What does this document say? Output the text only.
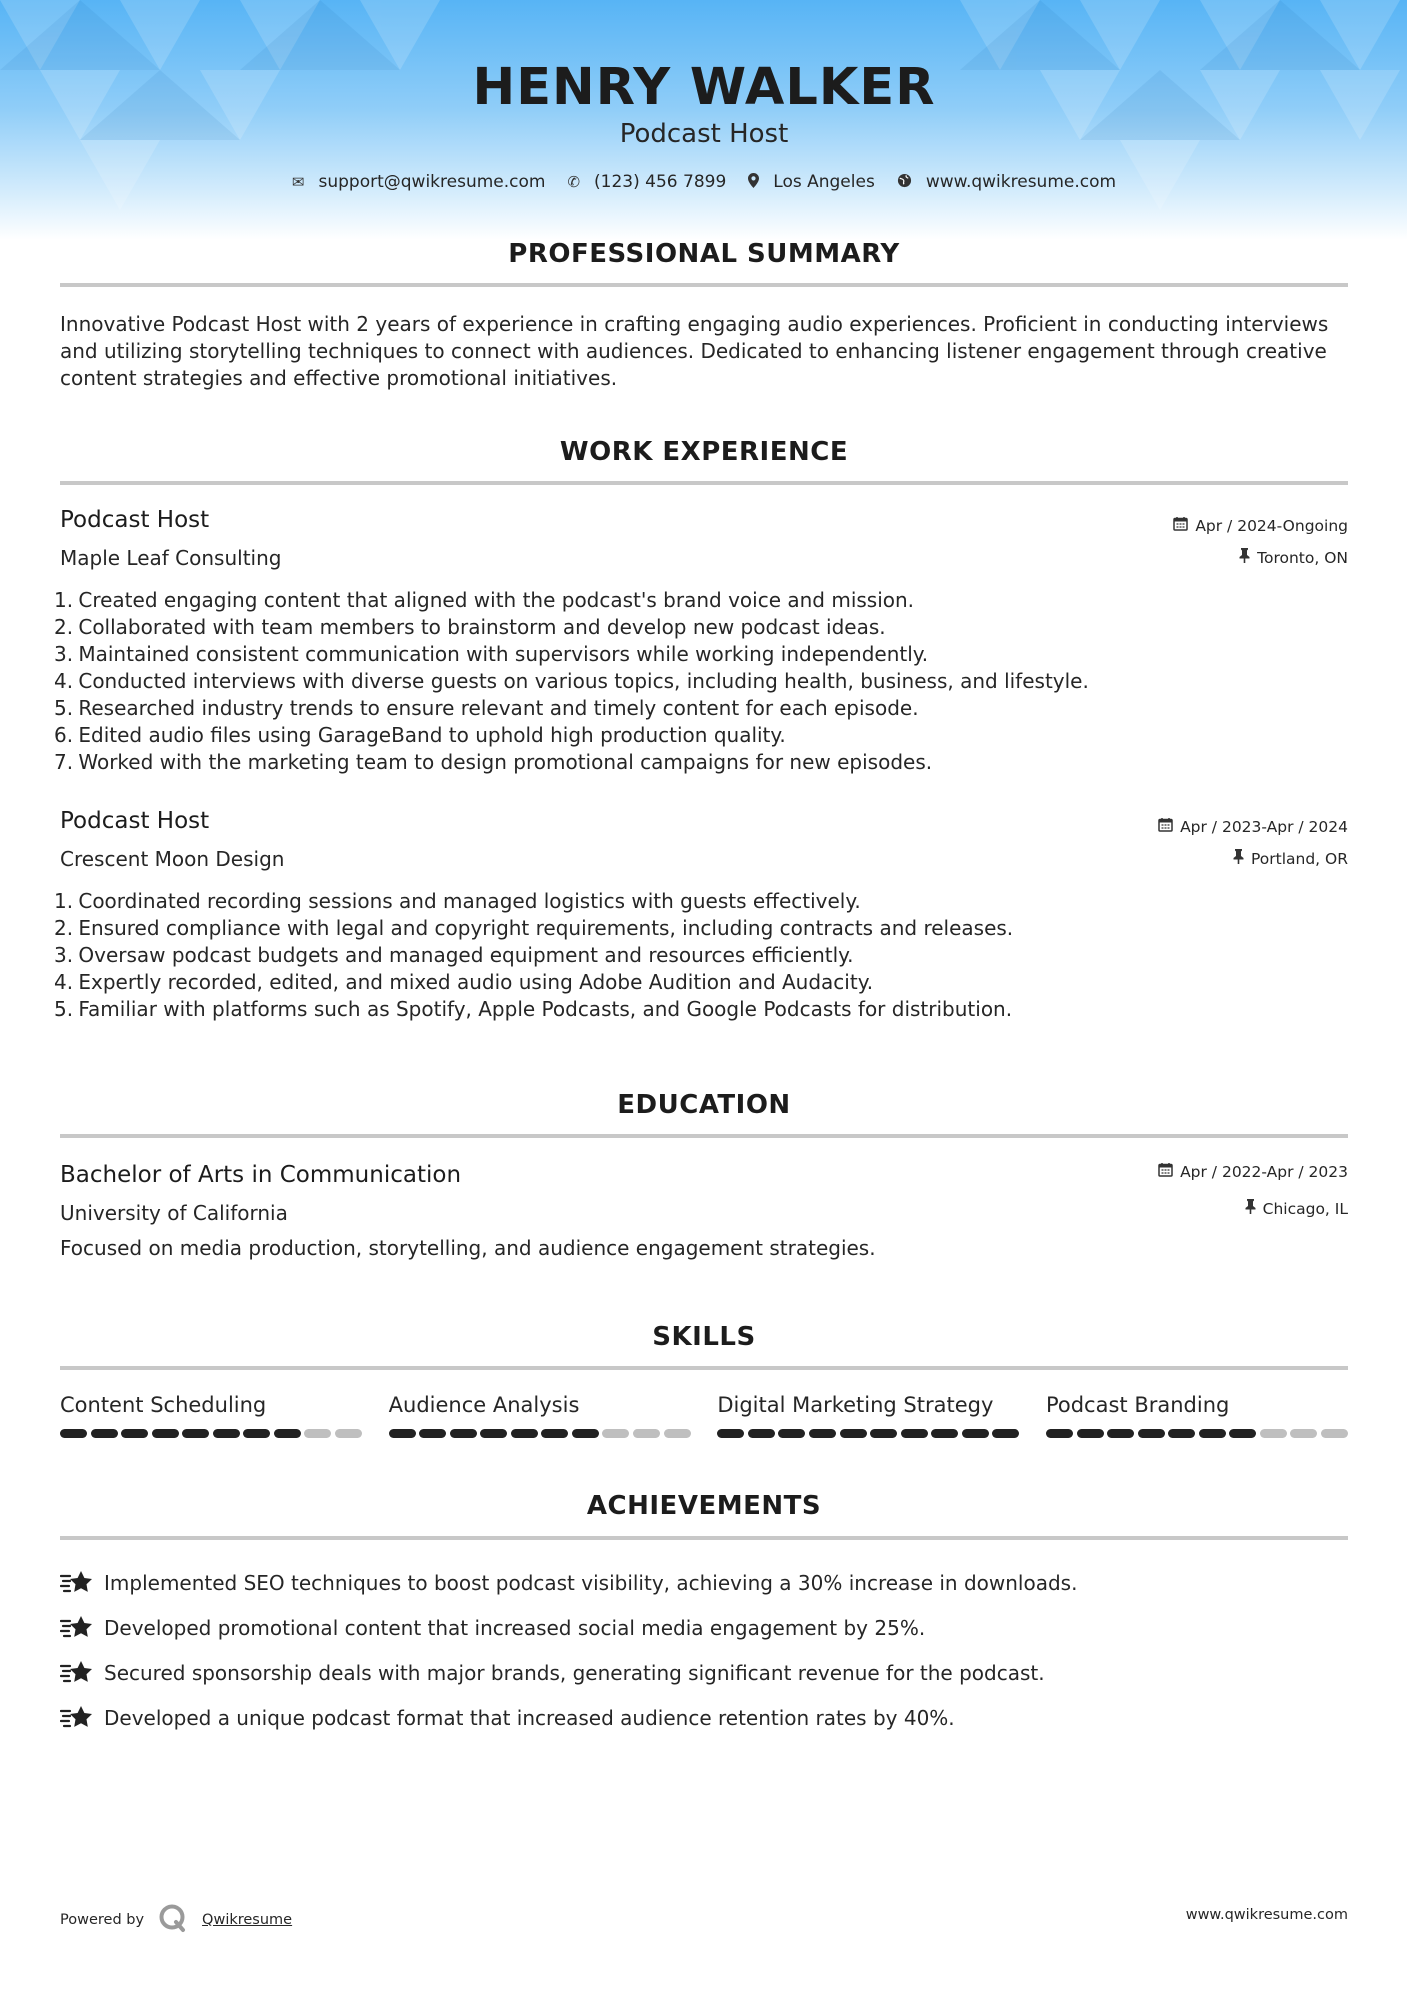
HENRY WALKER
Podcast Host
✉ support@qwikresume.com ✆ (123) 456 7899	Los Angeles	www.qwikresume.com
PROFESSIONAL SUMMARY

Innovative Podcast Host with 2 years of experience in crafting engaging audio experiences. Proficient in conducting interviews and utilizing storytelling techniques to connect with audiences. Dedicated to enhancing listener engagement through creative content strategies and effective promotional initiatives.

WORK EXPERIENCE
Podcast Host
Maple Leaf Consulting
Apr / 2024-Ongoing
Toronto, ON
1. Created engaging content that aligned with the podcast's brand voice and mission.
2. Collaborated with team members to brainstorm and develop new podcast ideas.
3. Maintained consistent communication with supervisors while working independently.
4. Conducted interviews with diverse guests on various topics, including health, business, and lifestyle.
5. Researched industry trends to ensure relevant and timely content for each episode.
6. Edited audio files using GarageBand to uphold high production quality.
7. Worked with the marketing team to design promotional campaigns for new episodes.
Podcast Host
Crescent Moon Design
Apr / 2023-Apr / 2024
Portland, OR
1. Coordinated recording sessions and managed logistics with guests effectively.
2. Ensured compliance with legal and copyright requirements, including contracts and releases.
3. Oversaw podcast budgets and managed equipment and resources efficiently.
4. Expertly recorded, edited, and mixed audio using Adobe Audition and Audacity.
5. Familiar with platforms such as Spotify, Apple Podcasts, and Google Podcasts for distribution.
EDUCATION
Bachelor of Arts in Communication
University of California
Focused on media production, storytelling, and audience engagement strategies.
Apr / 2022-Apr / 2023
Chicago, IL
SKILLS
Content Scheduling	Audience Analysis	Digital Marketing Strategy	Podcast Branding
ACHIEVEMENTS
Implemented SEO techniques to boost podcast visibility, achieving a 30% increase in downloads.
Developed promotional content that increased social media engagement by 25%.
Secured sponsorship deals with major brands, generating significant revenue for the podcast.
Developed a unique podcast format that increased audience retention rates by 40%.
Powered by	Qwikresume	www.qwikresume.com
